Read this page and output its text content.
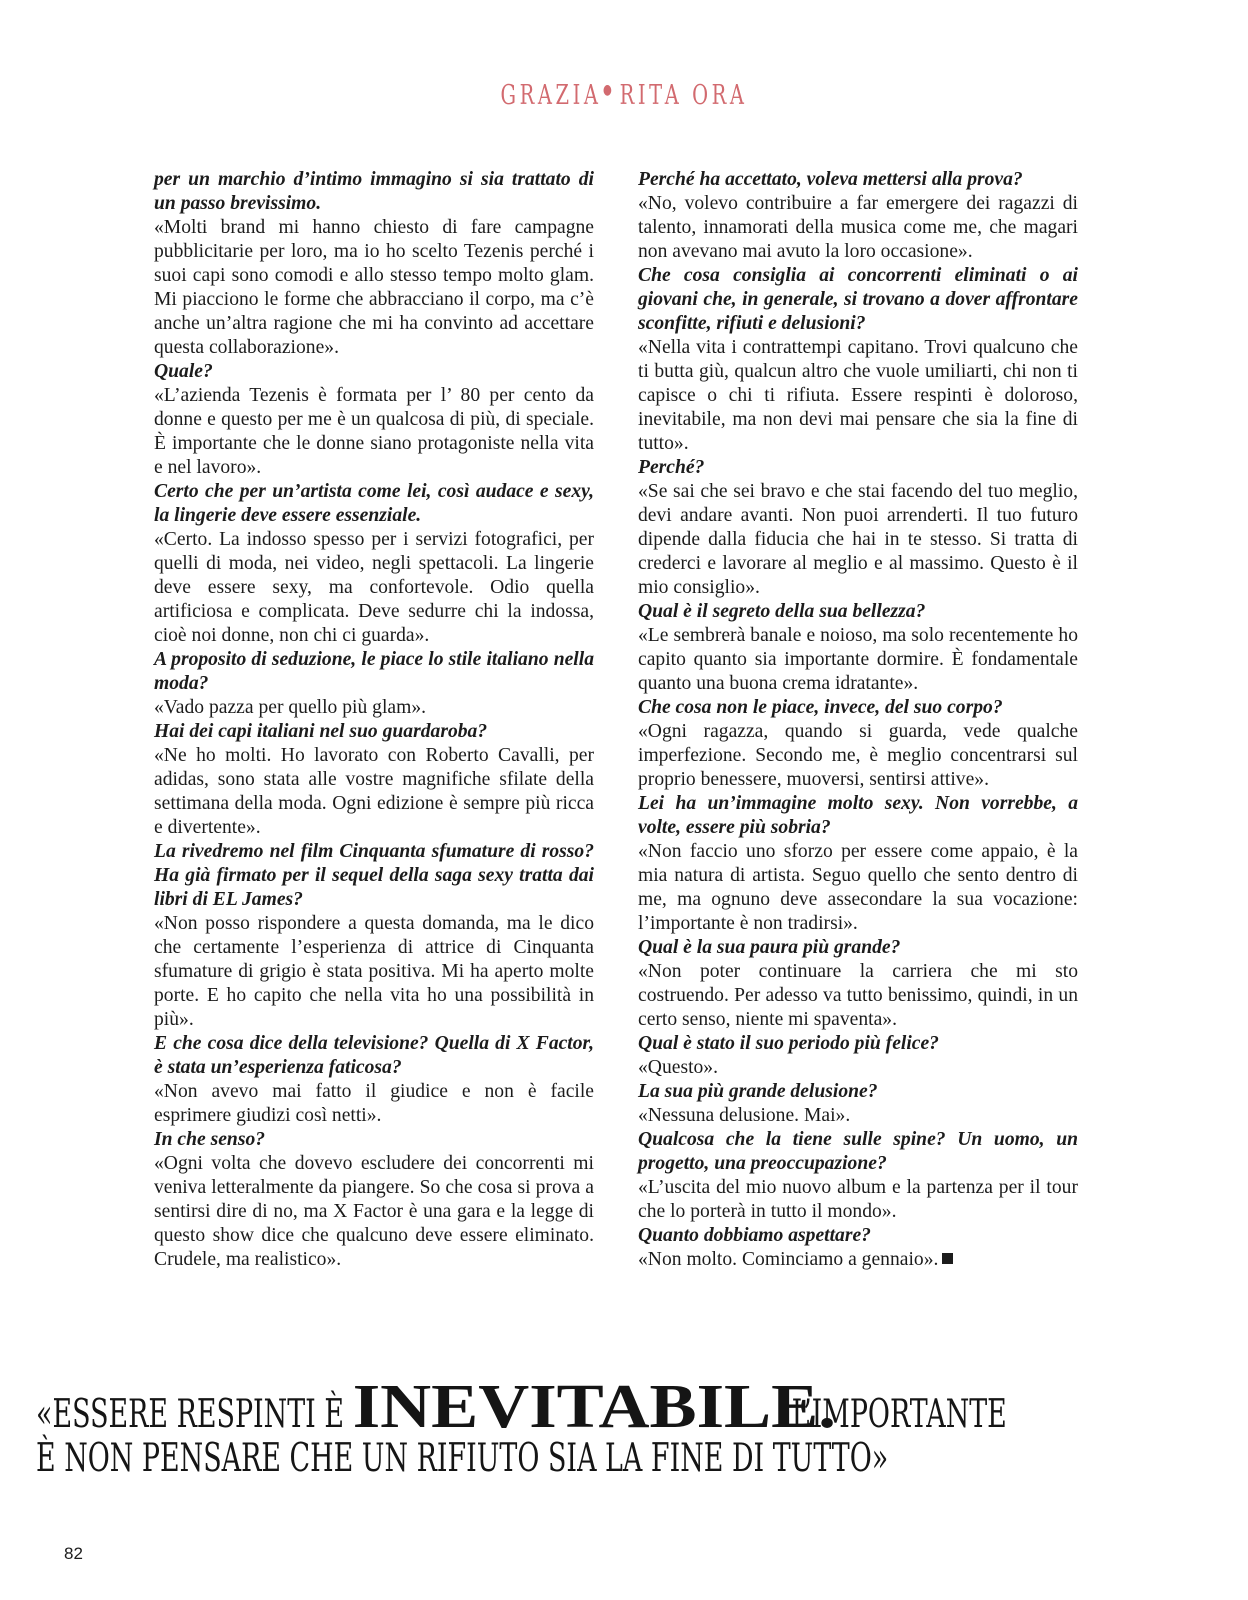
GRAZIA● RITA ORA

per un marchio d’intimo immagino si sia trattato di un passo brevissimo.

«Molti brand mi hanno chiesto di fare campagne pubblicitarie per loro, ma io ho scelto Tezenis perché i suoi capi sono comodi e allo stesso tempo molto glam. Mi piacciono le forme che abbracciano il corpo, ma c’è anche un’altra ragione che mi ha convinto ad accettare questa collaborazione».

Quale?

«L’azienda Tezenis è formata per l’ 80 per cento da donne e questo per me è un qualcosa di più, di speciale. È importante che le donne siano protagoniste nella vita e nel lavoro».

Certo che per un’artista come lei, così audace e sexy, la lingerie deve essere essenziale.

«Certo. La indosso spesso per i servizi fotografici, per quelli di moda, nei video, negli spettacoli. La lingerie deve essere sexy, ma confortevole. Odio quella artificiosa e complicata. Deve sedurre chi la indossa, cioè noi donne, non chi ci guarda».

A proposito di seduzione, le piace lo stile italiano nella moda?

«Vado pazza per quello più glam».

Hai dei capi italiani nel suo guardaroba?

«Ne ho molti. Ho lavorato con Roberto Cavalli, per adidas, sono stata alle vostre magnifiche sfilate della settimana della moda. Ogni edizione è sempre più ricca e divertente».

La rivedremo nel film Cinquanta sfumature di rosso? Ha già firmato per il sequel della saga sexy tratta dai libri di EL James?

«Non posso rispondere a questa domanda, ma le dico che certamente l’esperienza di attrice di Cinquanta sfumature di grigio è stata positiva. Mi ha aperto molte porte. E ho capito che nella vita ho una possibilità in più».

E che cosa dice della televisione? Quella di X Factor, è stata un’esperienza faticosa?

«Non avevo mai fatto il giudice e non è facile esprimere giudizi così netti».

In che senso?

«Ogni volta che dovevo escludere dei concorrenti mi veniva letteralmente da piangere. So che cosa si prova a sentirsi dire di no, ma X Factor è una gara e la legge di questo show dice che qualcuno deve essere eliminato. Crudele, ma realistico».

Perché ha accettato, voleva mettersi alla prova?

«No, volevo contribuire a far emergere dei ragazzi di talento, innamorati della musica come me, che magari non avevano mai avuto la loro occasione».

Che cosa consiglia ai concorrenti eliminati o ai giovani che, in generale, si trovano a dover affrontare sconfitte, rifiuti e delusioni?

«Nella vita i contrattempi capitano. Trovi qualcuno che ti butta giù, qualcun altro che vuole umiliarti, chi non ti capisce o chi ti rifiuta. Essere respinti è doloroso, inevitabile, ma non devi mai pensare che sia la fine di tutto».

Perché?

«Se sai che sei bravo e che stai facendo del tuo meglio, devi andare avanti. Non puoi arrenderti. Il tuo futuro dipende dalla fiducia che hai in te stesso. Si tratta di crederci e lavorare al meglio e al massimo. Questo è il mio consiglio».

Qual è il segreto della sua bellezza?

«Le sembrerà banale e noioso, ma solo recentemente ho capito quanto sia importante dormire. È fondamentale quanto una buona crema idratante».

Che cosa non le piace, invece, del suo corpo?

«Ogni ragazza, quando si guarda, vede qualche imperfezione. Secondo me, è meglio concentrarsi sul proprio benessere, muoversi, sentirsi attive».

Lei ha un’immagine molto sexy. Non vorrebbe, a volte, essere più sobria?

«Non faccio uno sforzo per essere come appaio, è la mia natura di artista. Seguo quello che sento dentro di me, ma ognuno deve assecondare la sua vocazione: l’importante è non tradirsi».

Qual è la sua paura più grande?

«Non poter continuare la carriera che mi sto costruendo. Per adesso va tutto benissimo, quindi, in un certo senso, niente mi spaventa».

Qual è stato il suo periodo più felice?

«Questo».

La sua più grande delusione?

«Nessuna delusione. Mai».

Qualcosa che la tiene sulle spine? Un uomo, un progetto, una preoccupazione?

«L’uscita del mio nuovo album e la partenza per il tour che lo porterà in tutto il mondo».

Quanto dobbiamo aspettare?

«Non molto. Cominciamo a gennaio».

«ESSERE RESPINTI È INEVITABILE.L’IMPORTANTE
È NON PENSARE CHE UN RIFIUTO SIA LA FINE DI TUTTO»
82
